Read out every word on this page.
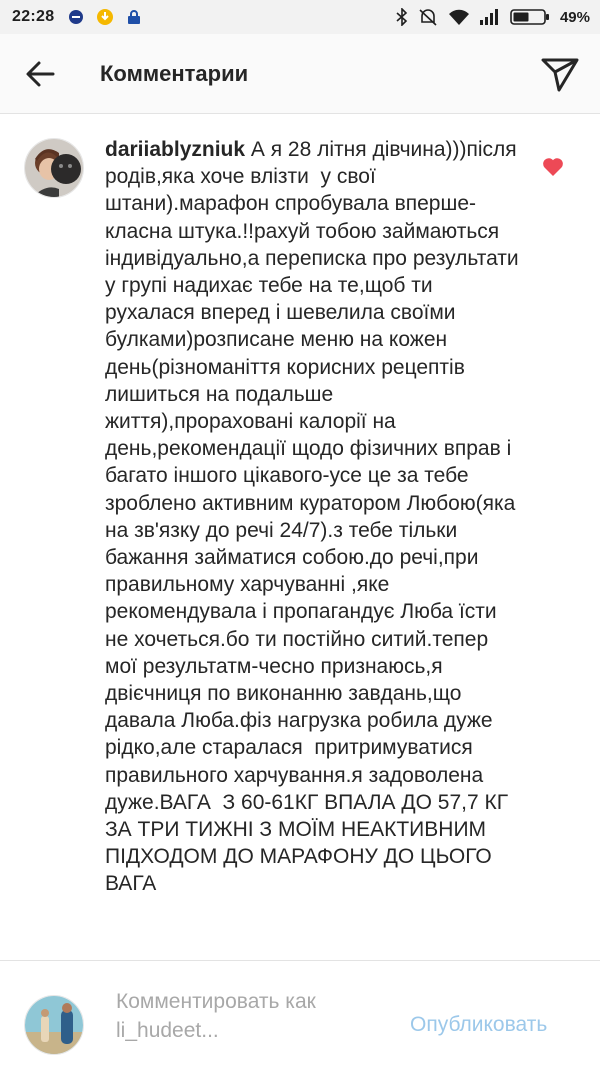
22:28	49%
Комментарии
dariiablyzniuk А я 28 літня дівчина)))після родів,яка хоче влізти  у свої штани).марафон спробувала вперше-класна штука.!!рахуй тобою займаються індивідуально,а переписка про результати у групі надихає тебе на те,щоб ти рухалася вперед і шевелила своїми булками)розписане меню на кожен день(різноманіття корисних рецептів лишиться на подальше життя),прораховані калорії на день,рекомендації щодо фізичних вправ і багато іншого цікавого-усе це за тебе зроблено активним куратором Любою(яка на зв'язку до речі 24/7).з тебе тільки бажання займатися собою.до речі,при правильному харчуванні ,яке рекомендувала і пропагандує Люба їсти не хочеться.бо ти постійно ситий.тепер мої результатм-чесно признаюсь,я двієчниця по виконанню завдань,що давала Люба.фіз нагрузка робила дуже рідко,але старалася  притримуватися правильного харчування.я задоволена дуже.ВАГА  З 60-61КГ ВПАЛА ДО 57,7 КГ ЗА ТРИ ТИЖНІ З МОЇМ НЕАКТИВНИМ ПІДХОДОМ ДО МАРАФОНУ ДО ЦЬОГО ВАГА
Комментировать как
li_hudeet...	Опубликовать
